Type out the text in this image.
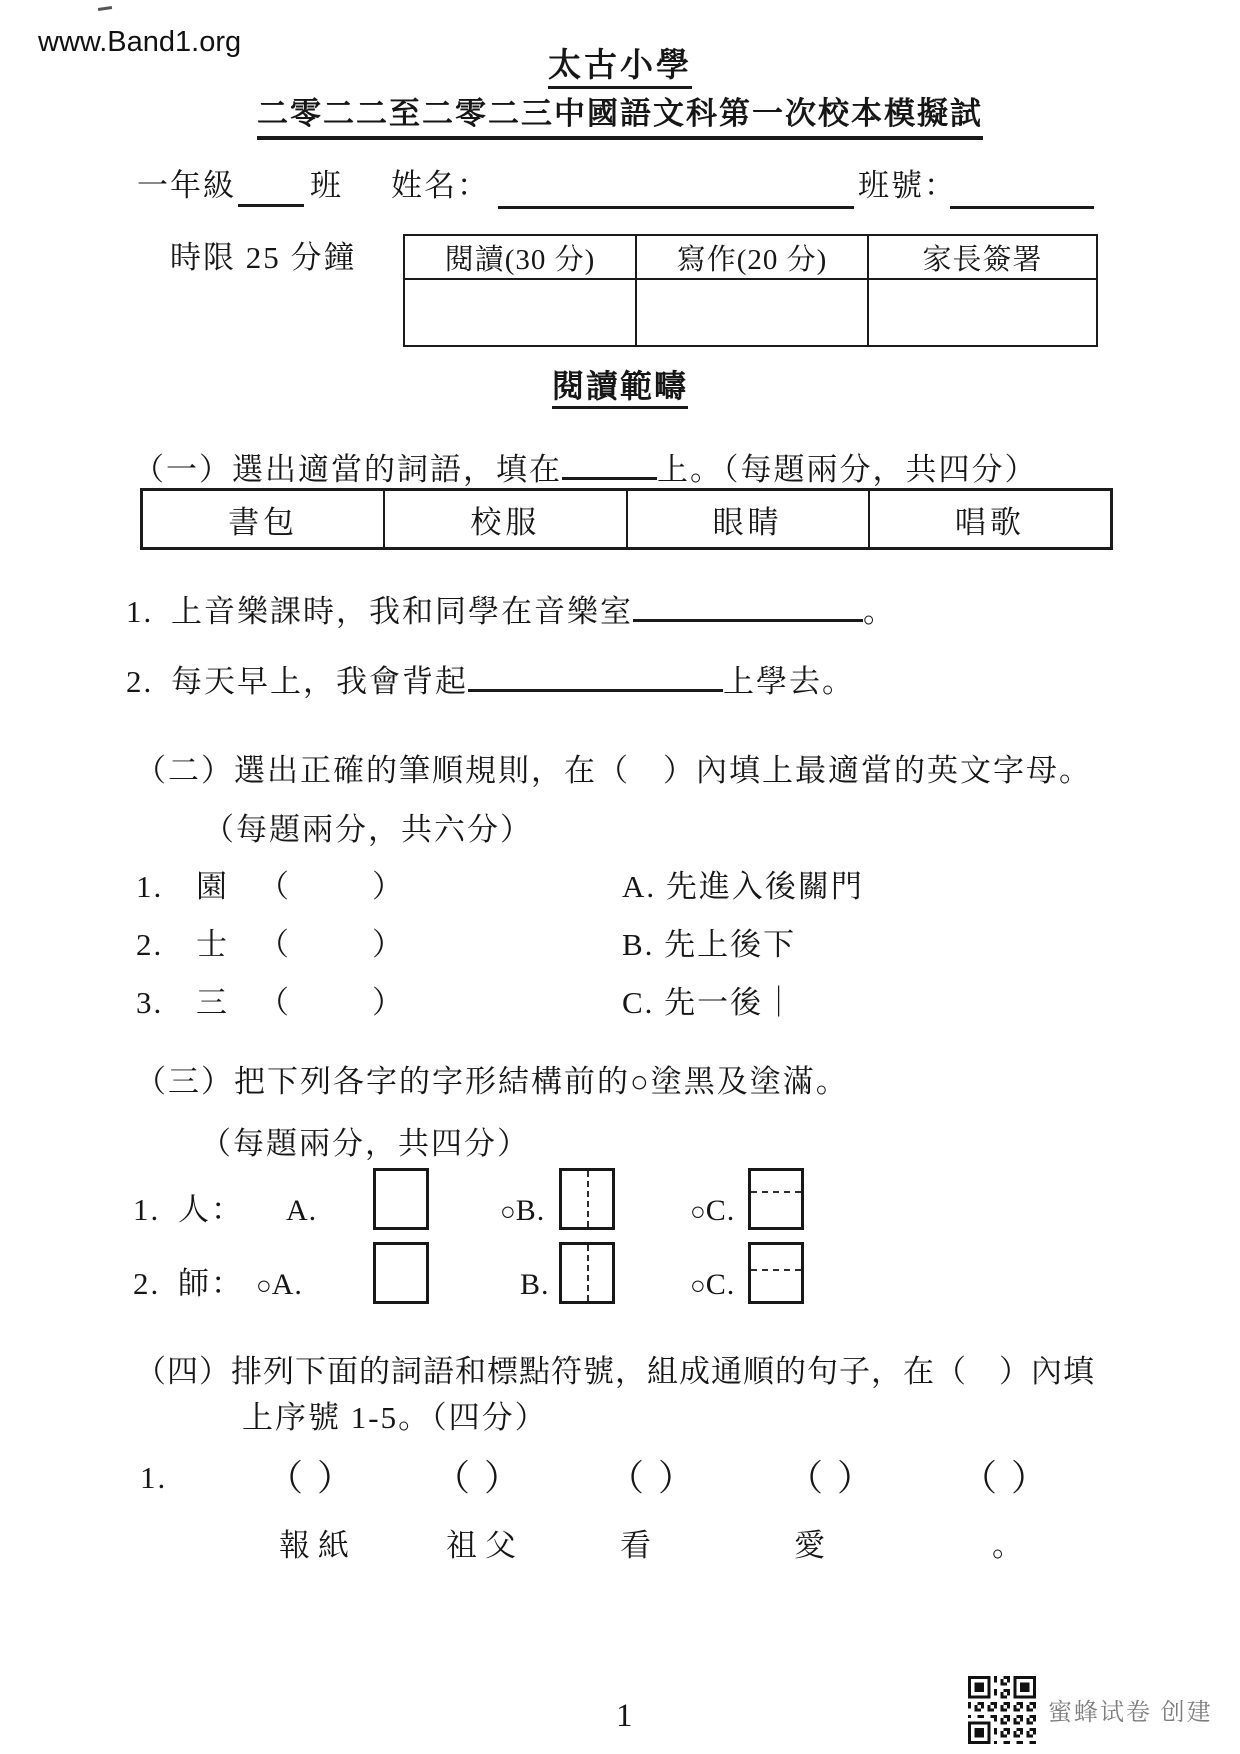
www.Band1.org
太古小學
二零二二至二零二三中國語文科第一次校本模擬試
一年級 班 姓名：	班號：
時限 25 分鐘	閱讀(30 分)	寫作(20 分)	家長簽署
閱讀範疇
（一）選出適當的詞語，填在	上。（每題兩分，共四分）
書包	校服	眼睛	唱歌
1. 上音樂課時，我和同學在音樂室	。
2. 每天早上，我會背起	上學去。
（二）選出正確的筆順規則，在（　）內填上最適當的英文字母。
（每題兩分，共六分）
1. 園 （	）	A. 先進入後關門
2. 士 （	）	B. 先上後下
3. 三 （	）	C. 先一後｜
（三）把下列各字的字形結構前的○塗黑及塗滿。
（每題兩分，共四分）
1. 人： A.	○B.	○C.
2. 師： ○A.	B.	○C.
（四）排列下面的詞語和標點符號，組成通順的句子，在（　）內填
上序號 1-5。（四分）
1.	（ ） （ ） （ ）	（ ） （ ）
報紙	祖父	看	愛	。
1	蜜蜂试卷 创建
